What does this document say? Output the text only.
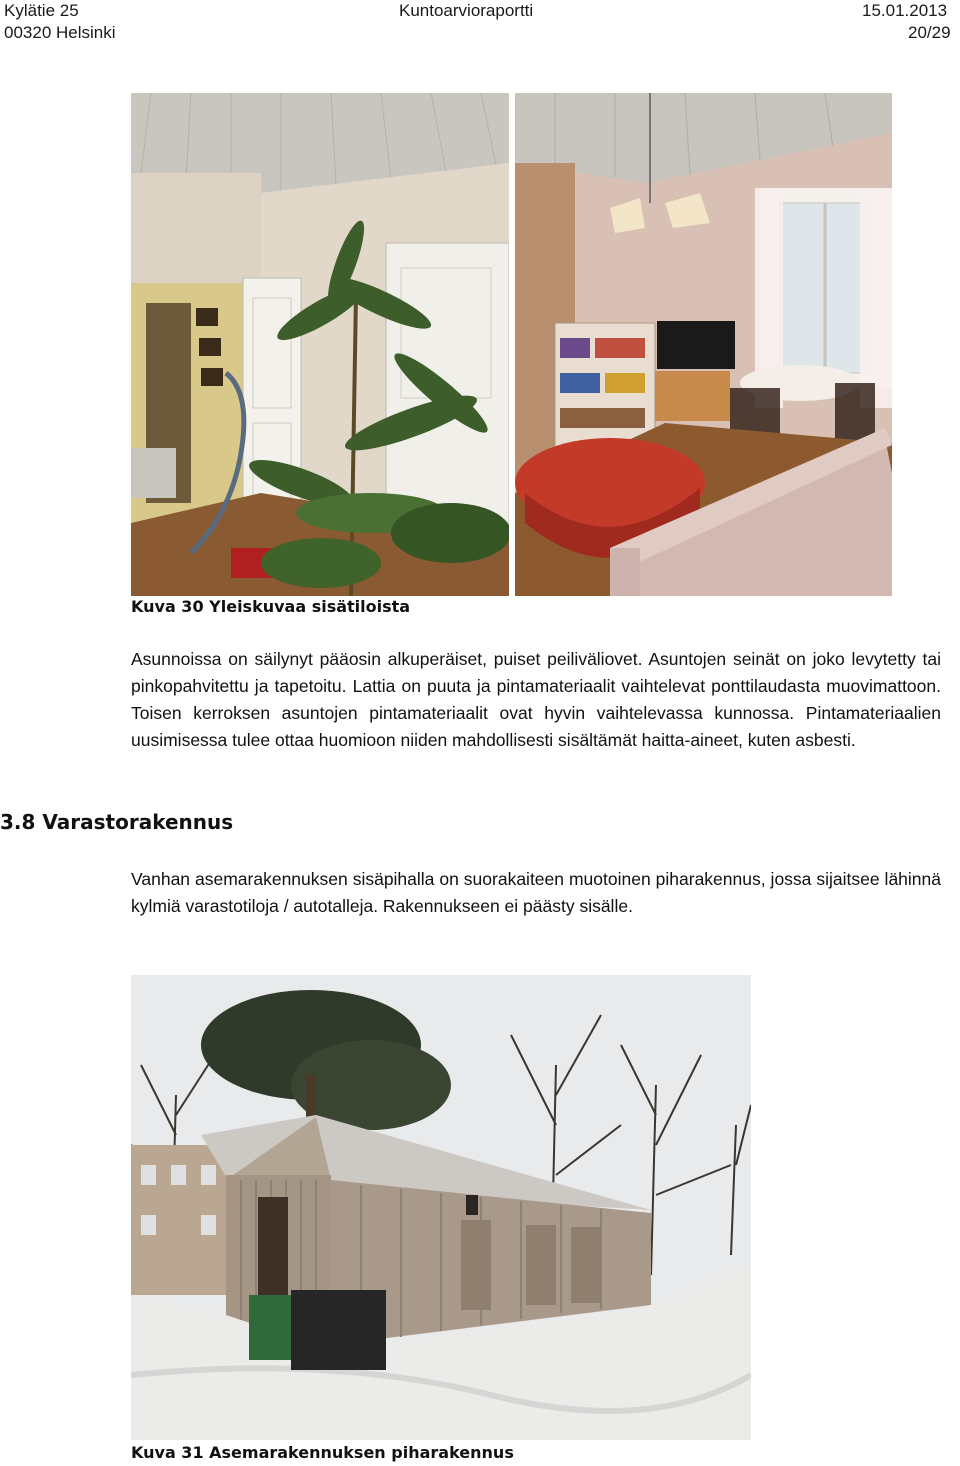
Kylätie 25
00320 Helsinki
Kuntoarvioraportti	15.01.2013
20/29
Kuva 30 Yleiskuvaa sisätiloista

Asunnoissa on säilynyt pääosin alkuperäiset, puiset peiliväliovet. Asuntojen seinät on joko levytetty tai pinkopahvitettu ja tapetoitu. Lattia on puuta ja pintamateriaalit vaihtelevat ponttilaudasta muovimattoon. Toisen kerroksen asuntojen pintamateriaalit ovat hyvin vaihtelevassa kunnossa. Pintamateriaalien uusimisessa tulee ottaa huomioon niiden mahdollisesti sisältämät haitta-aineet, kuten asbesti.

3.8 Varastorakennus

Vanhan asemarakennuksen sisäpihalla on suorakaiteen muotoinen piharakennus, jossa sijaitsee lähinnä kylmiä varastotiloja / autotalleja. Rakennukseen ei päästy sisälle.

Kuva 31 Asemarakennuksen piharakennus
